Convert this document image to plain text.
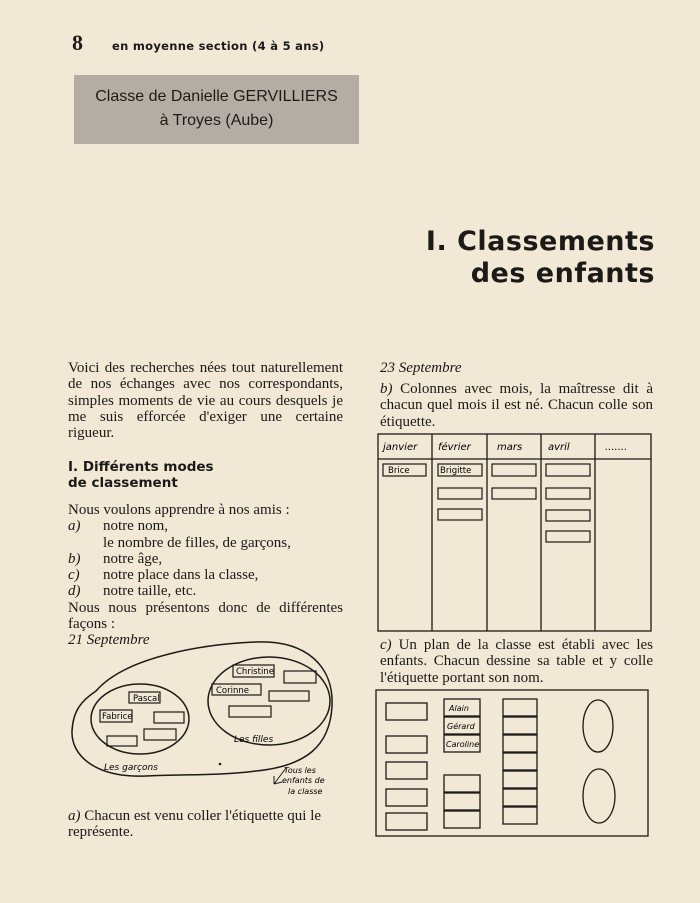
8	en moyenne section (4 à 5 ans)
Classe de Danielle GERVILLIERS
à Troyes (Aube)
I. Classements
des enfants
Voici des recherches nées tout naturellement de nos échanges avec nos correspondants, simples moments de vie au cours desquels je me suis efforcée d'exiger une certaine rigueur.
I. Différents modes
de classement
Nous voulons apprendre à nos amis :
a)	notre nom,
le nombre de filles, de garçons,
b)	notre âge,
c)	notre place dans la classe,
d)	notre taille, etc.
Nous nous présentons donc de différentes façons :
21 Septembre
Pascal
Fabrice
Christine
Corinne
Les garçons
Les filles
Tous les
enfants de
la classe
a) Chacun est venu coller l'étiquette qui le représente.
23 Septembre
b) Colonnes avec mois, la maîtresse dit à chacun quel mois il est né. Chacun colle son étiquette.
janvier février	mars	avril	.......
Brice	Brigitte
c) Un plan de la classe est établi avec les enfants. Chacun dessine sa table et y colle l'étiquette portant son nom.
Alain
Gérard
Caroline
